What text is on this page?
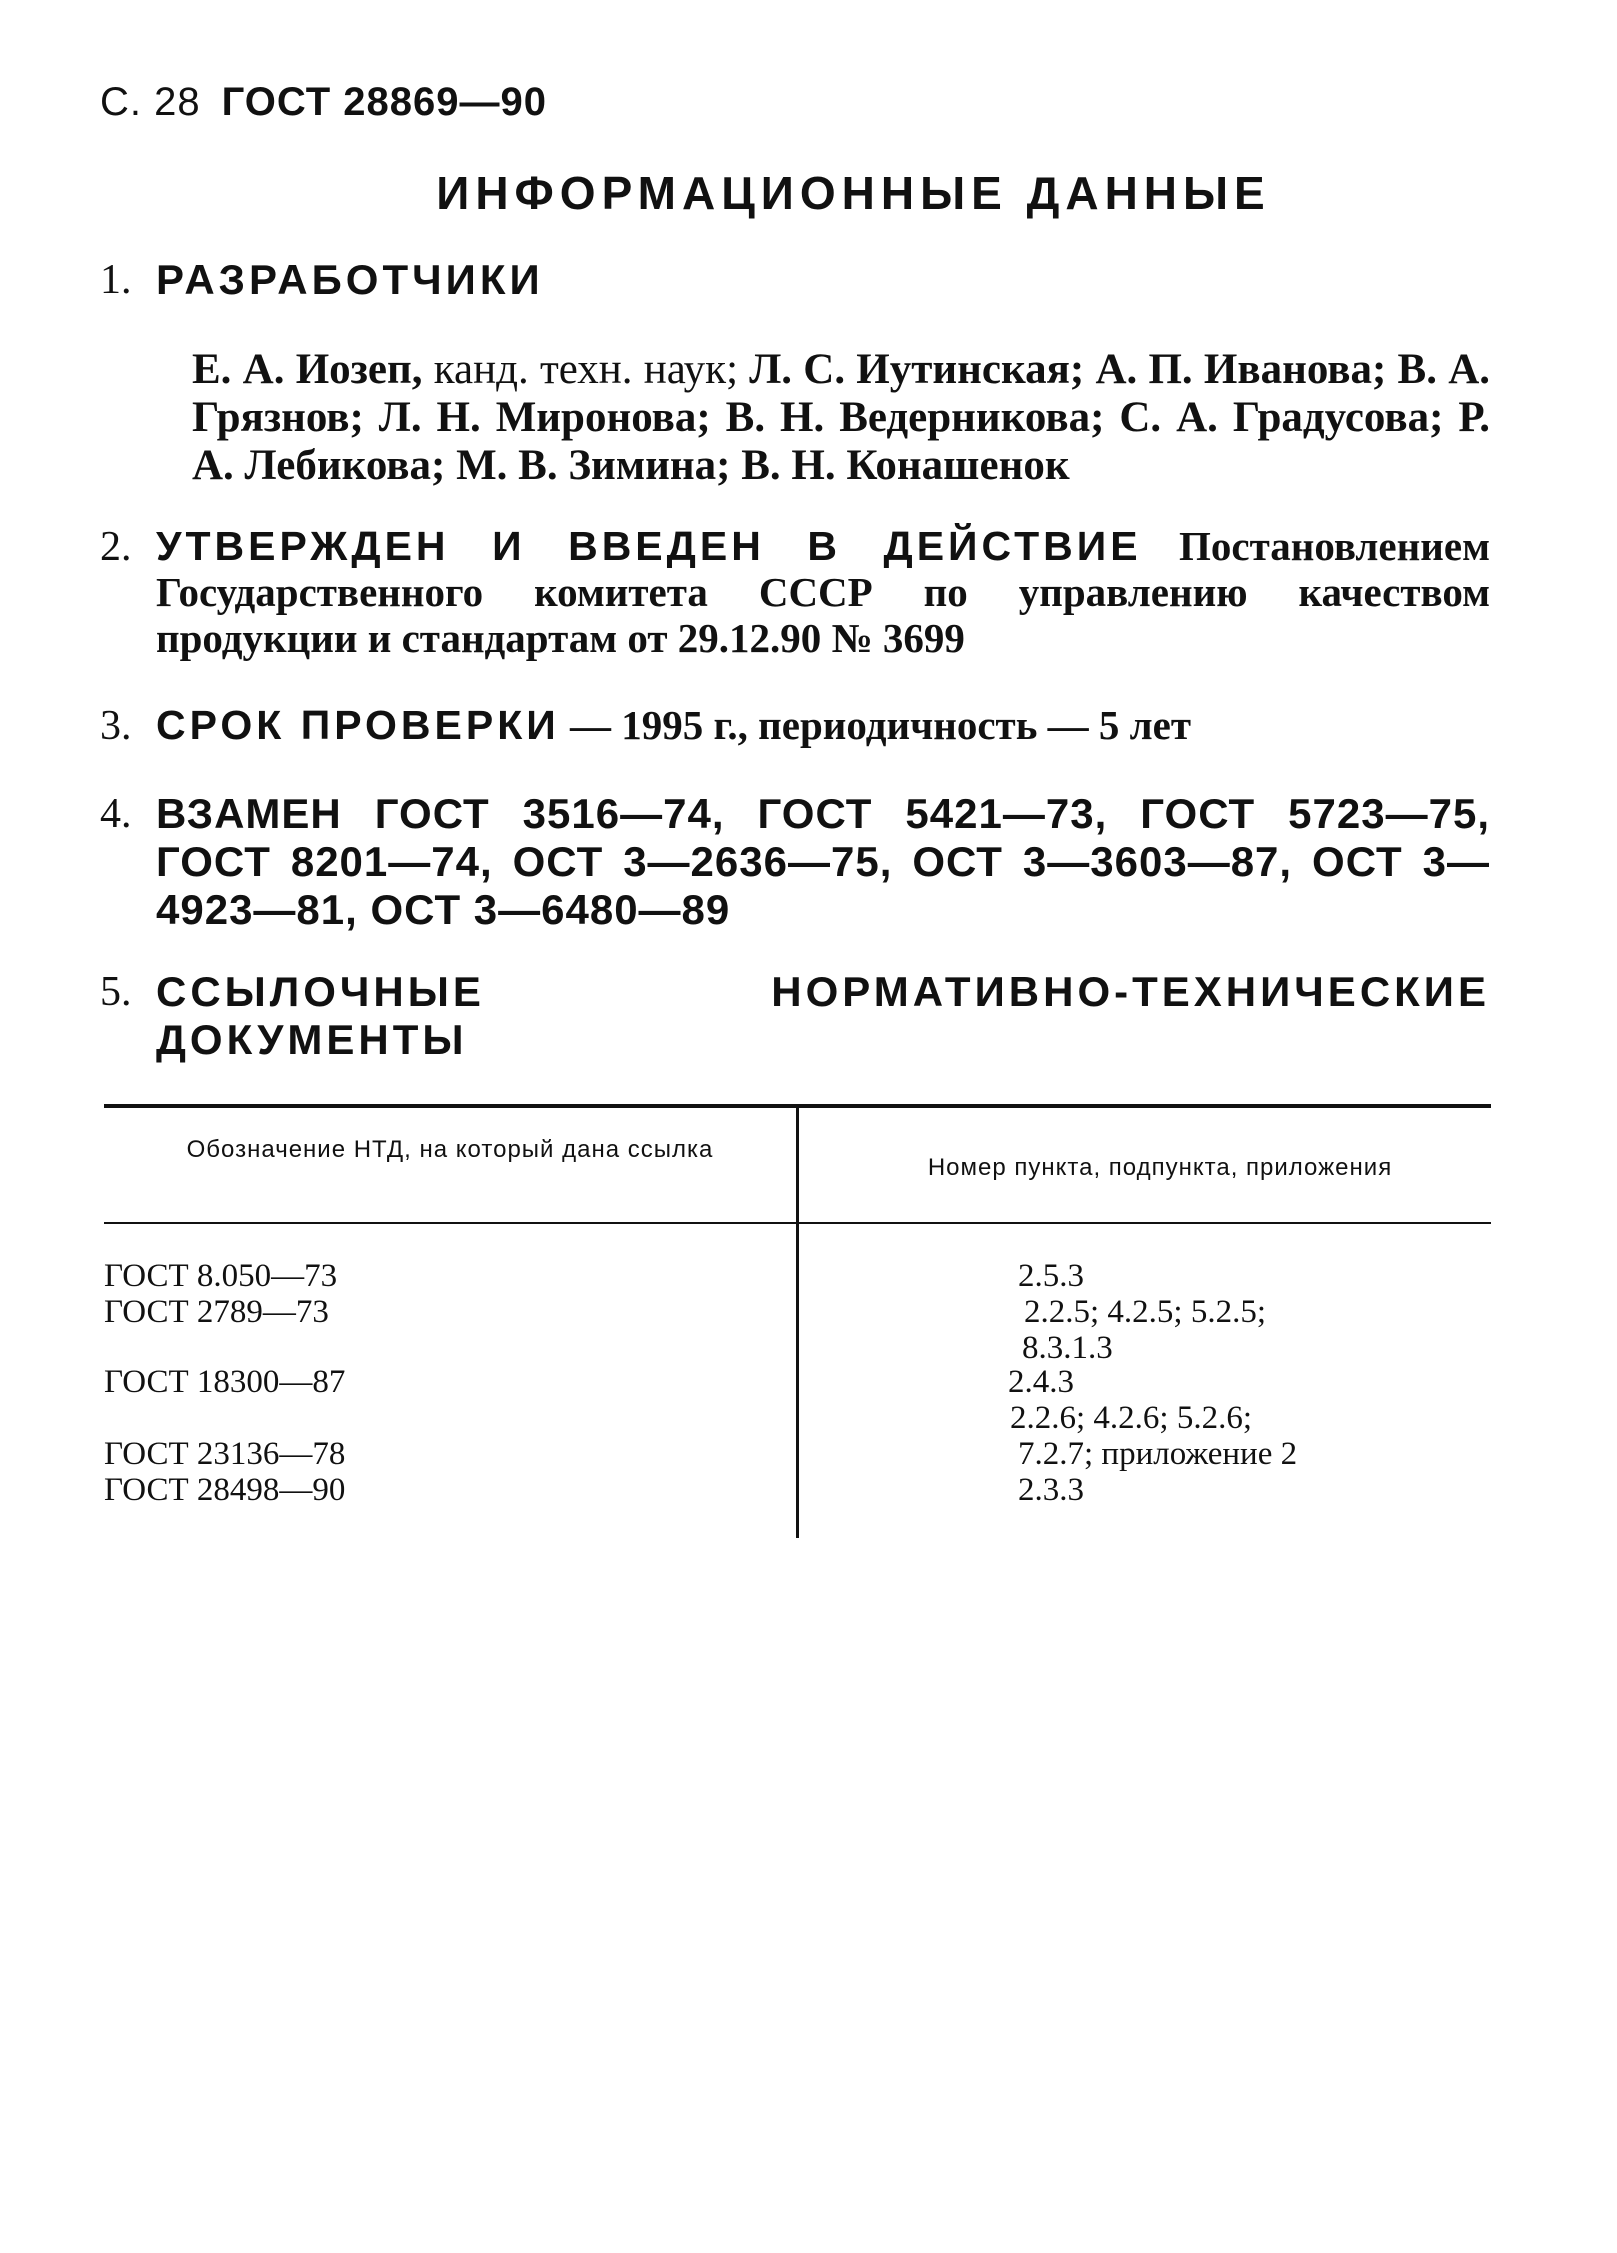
С. 28 ГОСТ 28869—90
ИНФОРМАЦИОННЫЕ ДАННЫЕ
1. РАЗРАБОТЧИКИ
Е. А. Иозеп, канд. техн. наук; Л. С. Иутинская; А. П. Иванова; В. А. Грязнов; Л. Н. Миронова; В. Н. Ведерникова; С. А. Градусова; Р. А. Лебикова; М. В. Зимина; В. Н. Конашенок
2. УТВЕРЖДЕН И ВВЕДЕН В ДЕЙСТВИЕ Постановлением Государственного комитета СССР по управлению качеством продукции и стандартам от 29.12.90 № 3699
3. СРОК ПРОВЕРКИ — 1995 г., периодичность — 5 лет
4. ВЗАМЕН ГОСТ 3516—74, ГОСТ 5421—73, ГОСТ 5723—75, ГОСТ 8201—74, ОСТ 3—2636—75, ОСТ 3—3603—87, ОСТ 3—4923—81, ОСТ 3—6480—89
5. ССЫЛОЧНЫЕ НОРМАТИВНО-ТЕХНИЧЕСКИЕ ДОКУМЕНТЫ
Обозначение НТД, на который дана ссылка
Номер пункта, подпункта, приложения
ГОСТ 8.050—73
ГОСТ 2789—73
ГОСТ 18300—87
ГОСТ 23136—78
ГОСТ 28498—90
2.5.3
2.2.5; 4.2.5; 5.2.5;
8.3.1.3
2.4.3
2.2.6; 4.2.6; 5.2.6;
7.2.7; приложение 2
2.3.3
